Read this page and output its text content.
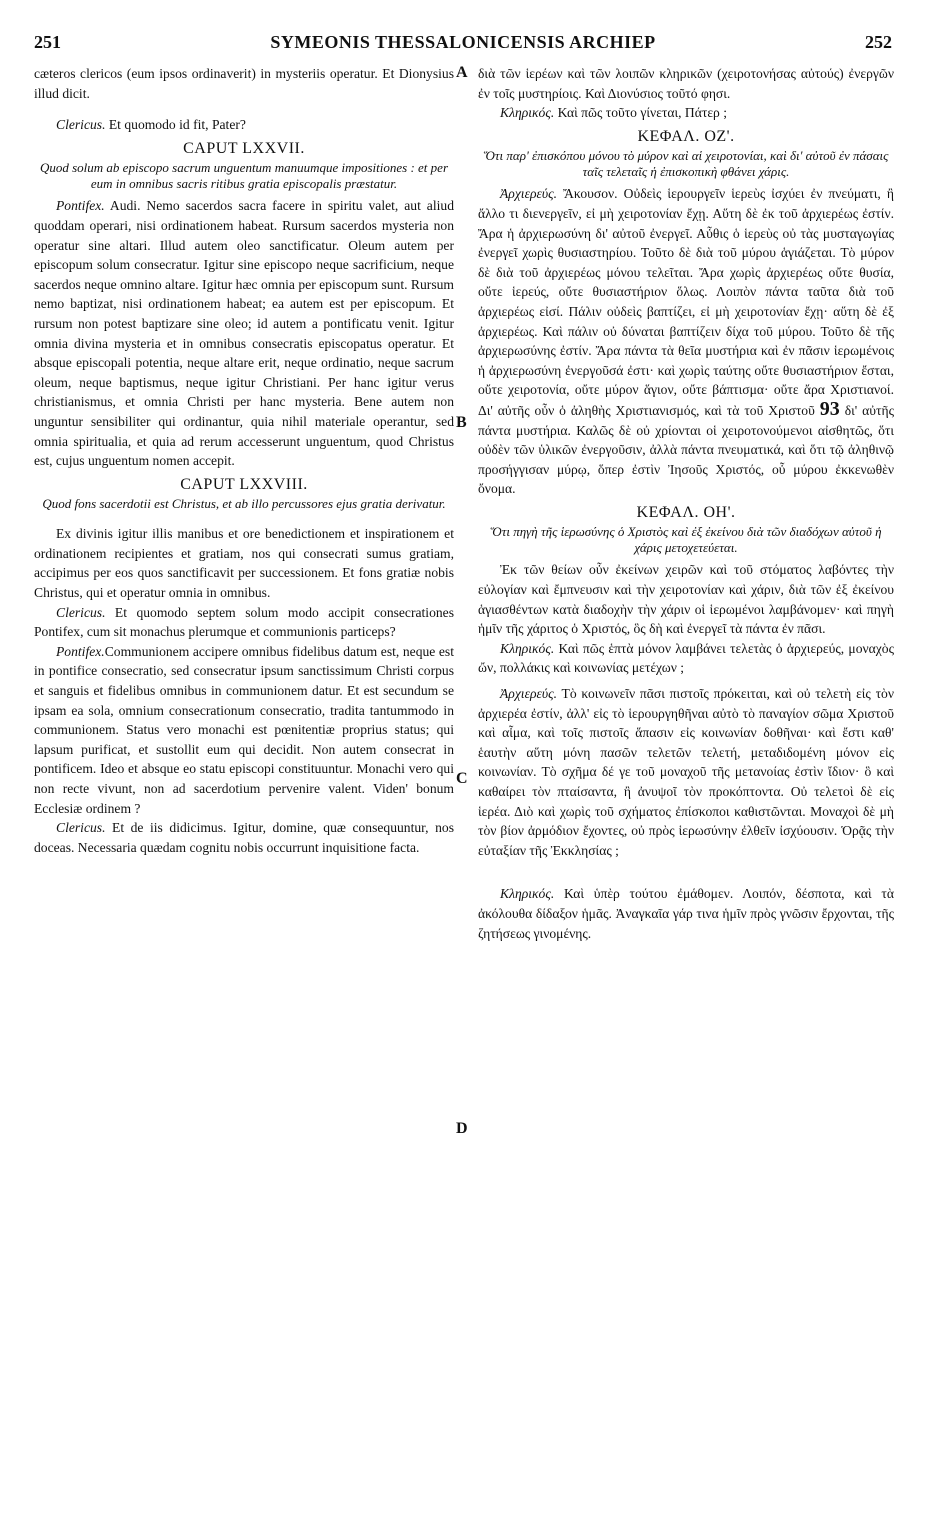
251	SYMEONIS THESSALONICENSIS ARCHIEP	252
A
B
C
D

cæteros clericos (eum ipsos ordinaverit) in mysteriis operatur. Et Dionysius illud dicit.

Clericus. Et quomodo id fit, Pater?

CAPUT LXXVII.
Quod solum ab episcopo sacrum unguentum manuumque impositiones : et per eum in omnibus sacris ritibus gratia episcopalis præstatur.

Pontifex. Audi. Nemo sacerdos sacra facere in spiritu valet, aut aliud quoddam operari, nisi ordinationem habeat. Rursum sacerdos mysteria non operatur sine altari. Illud autem oleo sanctificatur. Oleum autem per episcopum solum consecratur. Igitur sine episcopo neque sacrificium, neque sacerdos neque omnino altare. Igitur hæc omnia per episcopum sunt. Rursum nemo baptizat, nisi ordinationem habeat; ea autem est per episcopum. Et rursum non potest baptizare sine oleo; id autem a pontificatu venit. Igitur omnia divina mysteria et in omnibus consecratis episcopatus operatur. Et absque episcopali potentia, neque altare erit, neque ordinatio, neque sacrum oleum, neque baptismus, neque igitur Christiani. Per hanc igitur verus christianismus, et omnia Christi per hanc mysteria. Bene autem non unguntur sensibiliter qui ordinantur, quia nihil materiale operantur, sed omnia spiritualia, et quia ad rerum accesserunt unguentum, quod Christus est, cujus unguentum nomen accepit.

CAPUT LXXVIII.
Quod fons sacerdotii est Christus, et ab illo percussores ejus gratia derivatur.

Ex divinis igitur illis manibus et ore benedictionem et inspirationem et ordinationem recipientes et gratiam, nos qui consecrati sumus gratiam, accipimus per eos quos sanctificavit per successionem. Et fons gratiæ nobis Christus, qui et operatur omnia in omnibus.

Clericus. Et quomodo septem solum modo accipit consecrationes Pontifex, cum sit monachus plerumque et communionis particeps?

Pontifex.Communionem accipere omnibus fidelibus datum est, neque est in pontifice consecratio, sed consecratur ipsum sanctissimum Christi corpus et sanguis et fidelibus omnibus in communionem datur. Et est secundum se ipsam ea sola, omnium consecrationum consecratio, tradita tantummodo in communionem. Status vero monachi est pœnitentiæ proprius status; qui lapsum purificat, et sustollit eum qui decidit. Non autem consecrat in pontificem. Ideo et absque eo statu episcopi constituuntur. Monachi vero qui non recte vivunt, non ad sacerdotium pervenire valent. Viden' bonum Ecclesiæ ordinem ?

Clericus. Et de iis didicimus. Igitur, domine, quæ consequuntur, nos doceas. Necessaria quædam cognitu nobis occurrunt inquisitione facta.

διὰ τῶν ἱερέων καὶ τῶν λοιπῶν κληρικῶν (χειροτονήσας αὐτούς) ἐνεργῶν ἐν τοῖς μυστηρίοις. Καὶ Διονύσιος τοῦτό φησι.

Κληρικός. Καὶ πῶς τοῦτο γίνεται, Πάτερ ;

ΚΕΦΑΛ. ΟΖ'.
Ὅτι παρ' ἐπισκόπου μόνου τὸ μύρον καὶ αἱ χειροτονίαι, καὶ δι' αὐτοῦ ἐν πάσαις ταῖς τελεταῖς ἡ ἐπισκοπικὴ φθάνει χάρις.

Ἀρχιερεύς. Ἄκουσον. Οὐδεὶς ἱερουργεῖν ἱερεὺς ἰσχύει ἐν πνεύματι, ἢ ἄλλο τι διενεργεῖν, εἰ μὴ χειροτονίαν ἔχῃ. Αὕτη δὲ ἐκ τοῦ ἀρχιερέως ἐστίν. Ἄρα ἡ ἀρχιερωσύνη δι' αὐτοῦ ἐνεργεῖ. Αὖθις ὁ ἱερεὺς οὐ τὰς μυσταγωγίας ἐνεργεῖ χωρὶς θυσιαστηρίου. Τοῦτο δὲ διὰ τοῦ μύρου ἁγιάζεται. Τὸ μύρον δὲ διὰ τοῦ ἀρχιερέως μόνου τελεῖται. Ἄρα χωρὶς ἀρχιερέως οὔτε θυσία, οὔτε ἱερεύς, οὔτε θυσιαστήριον ὅλως. Λοιπὸν πάντα ταῦτα διὰ τοῦ ἀρχιερέως εἰσί. Πάλιν οὐδεὶς βαπτίζει, εἰ μὴ χειροτονίαν ἔχῃ· αὕτη δὲ ἐξ ἀρχιερέως. Καὶ πάλιν οὐ δύναται βαπτίζειν δίχα τοῦ μύρου. Τοῦτο δὲ τῆς ἀρχιερωσύνης ἐστίν. Ἄρα πάντα τὰ θεῖα μυστήρια καὶ ἐν πᾶσιν ἱερωμένοις ἡ ἀρχιερωσύνη ἐνεργοῦσά ἐστι· καὶ χωρὶς ταύτης οὔτε θυσιαστήριον ἔσται, οὔτε χειροτονία, οὔτε μύρον ἅγιον, οὔτε βάπτισμα· οὔτε ἄρα Χριστιανοί. Δι' αὐτῆς οὖν ὁ ἀληθὴς Χριστιανισμός, καὶ τὰ τοῦ Χριστοῦ 93 δι' αὐτῆς πάντα μυστήρια. Καλῶς δὲ οὐ χρίονται οἱ χειροτονούμενοι αἰσθητῶς, ὅτι οὐδὲν τῶν ὑλικῶν ἐνεργοῦσιν, ἀλλὰ πάντα πνευματικά, καὶ ὅτι τῷ ἀληθινῷ προσήγγισαν μύρῳ, ὅπερ ἐστὶν Ἰησοῦς Χριστός, οὗ μύρου ἐκκενωθὲν ὄνομα.

ΚΕΦΑΛ. ΟΗ'.
Ὅτι πηγὴ τῆς ἱερωσύνης ὁ Χριστὸς καὶ ἐξ ἐκείνου διὰ τῶν διαδόχων αὐτοῦ ἡ χάρις μετοχετεύεται.

Ἐκ τῶν θείων οὖν ἐκείνων χειρῶν καὶ τοῦ στόματος λαβόντες τὴν εὐλογίαν καὶ ἔμπνευσιν καὶ τὴν χειροτονίαν καὶ χάριν, διὰ τῶν ἐξ ἐκείνου ἁγιασθέντων κατὰ διαδοχὴν τὴν χάριν οἱ ἱερωμένοι λαμβάνομεν· καὶ πηγὴ ἡμῖν τῆς χάριτος ὁ Χριστός, ὃς δὴ καὶ ἐνεργεῖ τὰ πάντα ἐν πᾶσι.

Κληρικός. Καὶ πῶς ἑπτὰ μόνον λαμβάνει τελετὰς ὁ ἀρχιερεύς, μοναχὸς ὤν, πολλάκις καὶ κοινωνίας μετέχων ;

Ἀρχιερεύς. Τὸ κοινωνεῖν πᾶσι πιστοῖς πρόκειται, καὶ οὐ τελετὴ εἰς τὸν ἀρχιερέα ἐστίν, ἀλλ' εἰς τὸ ἱερουργηθῆναι αὐτὸ τὸ παναγίον σῶμα Χριστοῦ καὶ αἷμα, καὶ τοῖς πιστοῖς ἅπασιν εἰς κοινωνίαν δοθῆναι· καὶ ἔστι καθ' ἑαυτὴν αὕτη μόνη πασῶν τελετῶν τελετή, μεταδιδομένη μόνον εἰς κοινωνίαν. Τὸ σχῆμα δέ γε τοῦ μοναχοῦ τῆς μετανοίας ἐστὶν ἴδιον· ὃ καὶ καθαίρει τὸν πταίσαντα, ἢ ἀνυψοῖ τὸν προκόπτοντα. Οὐ τελετοὶ δὲ εἰς ἱερέα. Διὸ καὶ χωρὶς τοῦ σχήματος ἐπίσκοποι καθιστῶνται. Μοναχοὶ δὲ μὴ τὸν βίον ἀρμόδιον ἔχοντες, οὐ πρὸς ἱερωσύνην ἐλθεῖν ἰσχύουσιν. Ὁρᾷς τὴν εὐταξίαν τῆς Ἐκκλησίας ;

Κληρικός. Καὶ ὑπὲρ τούτου ἐμάθομεν. Λοιπόν, δέσποτα, καὶ τὰ ἀκόλουθα δίδαξον ἡμᾶς. Ἀναγκαῖα γάρ τινα ἡμῖν πρὸς γνῶσιν ἔρχονται, τῆς ζητήσεως γινομένης.
